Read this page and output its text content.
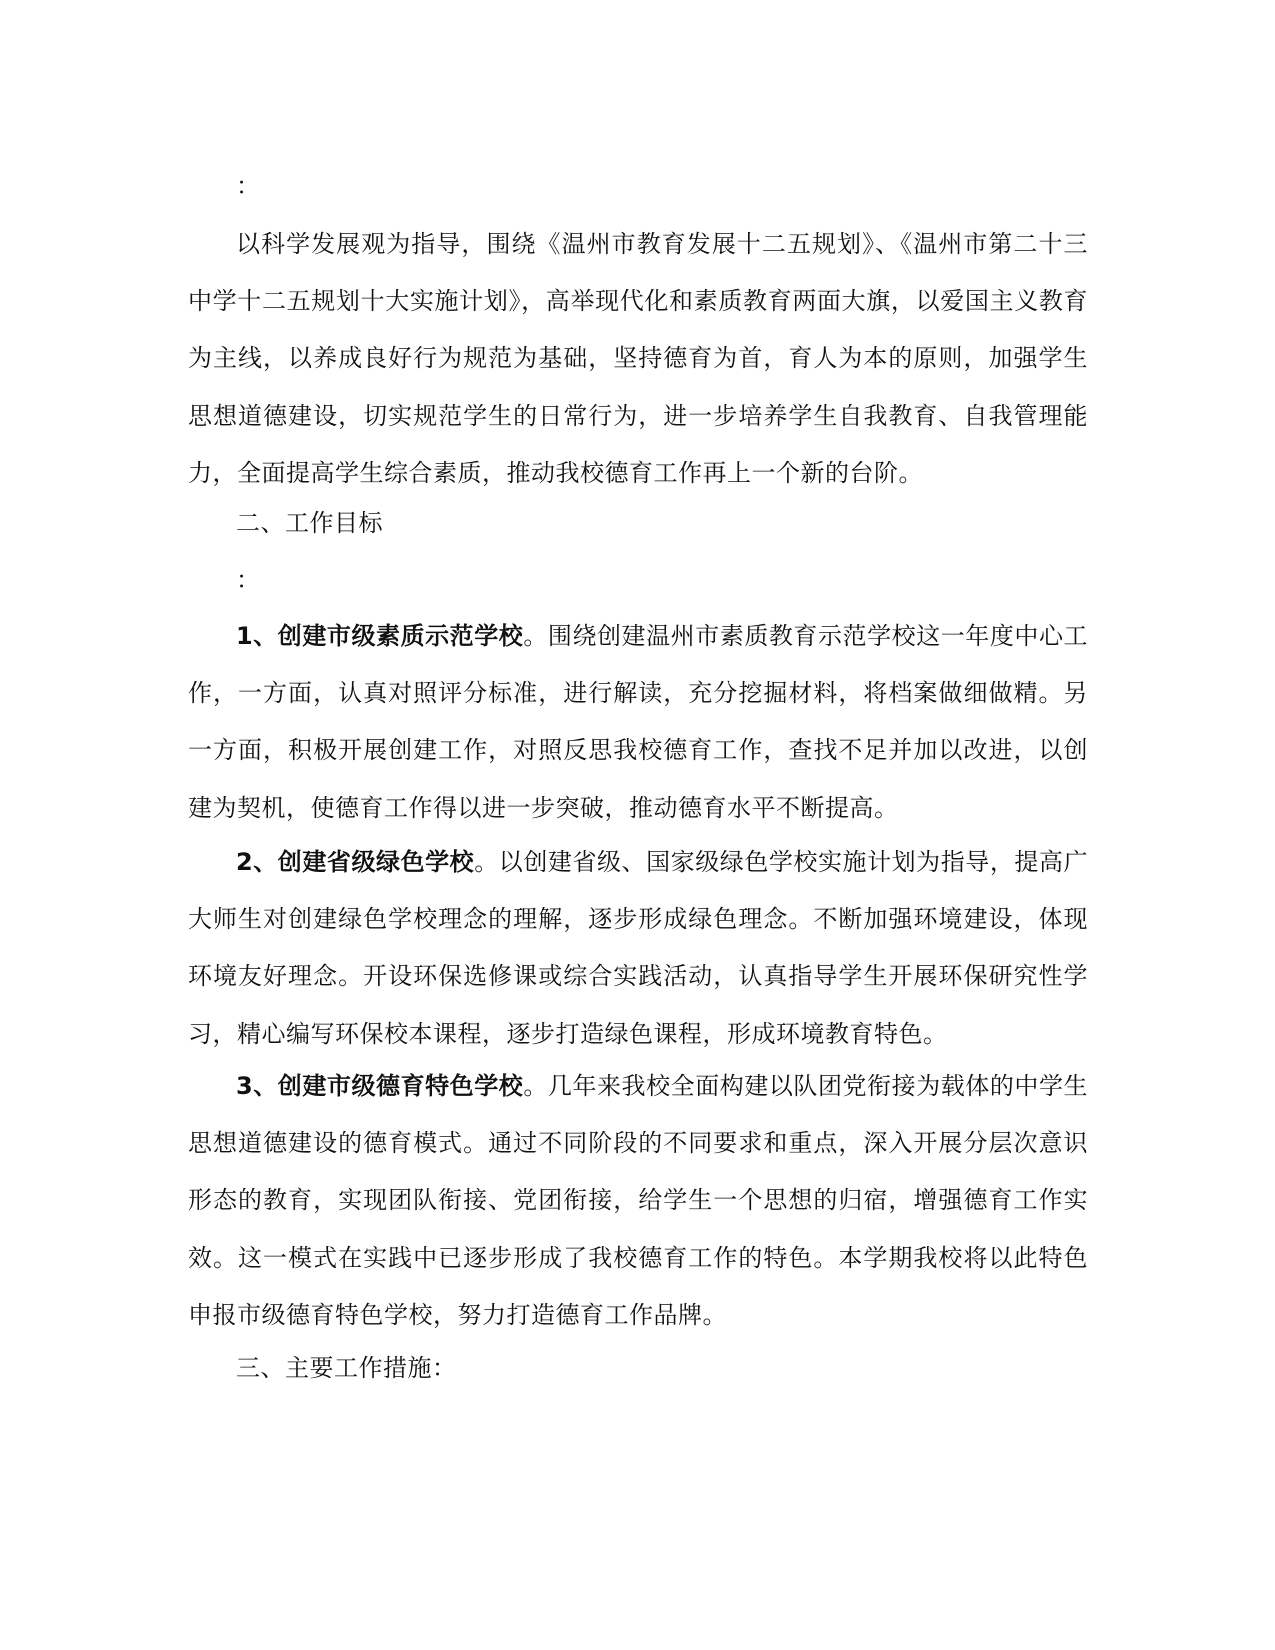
：

以科学发展观为指导，围绕《温州市教育发展十二五规划》、《温州市第二十三中学十二五规划十大实施计划》，高举现代化和素质教育两面大旗，以爱国主义教育为主线，以养成良好行为规范为基础，坚持德育为首，育人为本的原则，加强学生思想道德建设，切实规范学生的日常行为，进一步培养学生自我教育、自我管理能力，全面提高学生综合素质，推动我校德育工作再上一个新的台阶。

二、工作目标

：

1、创建市级素质示范学校。围绕创建温州市素质教育示范学校这一年度中心工作，一方面，认真对照评分标准，进行解读，充分挖掘材料，将档案做细做精。另一方面，积极开展创建工作，对照反思我校德育工作，查找不足并加以改进，以创建为契机，使德育工作得以进一步突破，推动德育水平不断提高。

2、创建省级绿色学校。以创建省级、国家级绿色学校实施计划为指导，提高广大师生对创建绿色学校理念的理解，逐步形成绿色理念。不断加强环境建设，体现环境友好理念。开设环保选修课或综合实践活动，认真指导学生开展环保研究性学习，精心编写环保校本课程，逐步打造绿色课程，形成环境教育特色。

3、创建市级德育特色学校。几年来我校全面构建以队团党衔接为载体的中学生思想道德建设的德育模式。通过不同阶段的不同要求和重点，深入开展分层次意识形态的教育，实现团队衔接、党团衔接，给学生一个思想的归宿，增强德育工作实效。这一模式在实践中已逐步形成了我校德育工作的特色。本学期我校将以此特色申报市级德育特色学校，努力打造德育工作品牌。

三、主要工作措施：
